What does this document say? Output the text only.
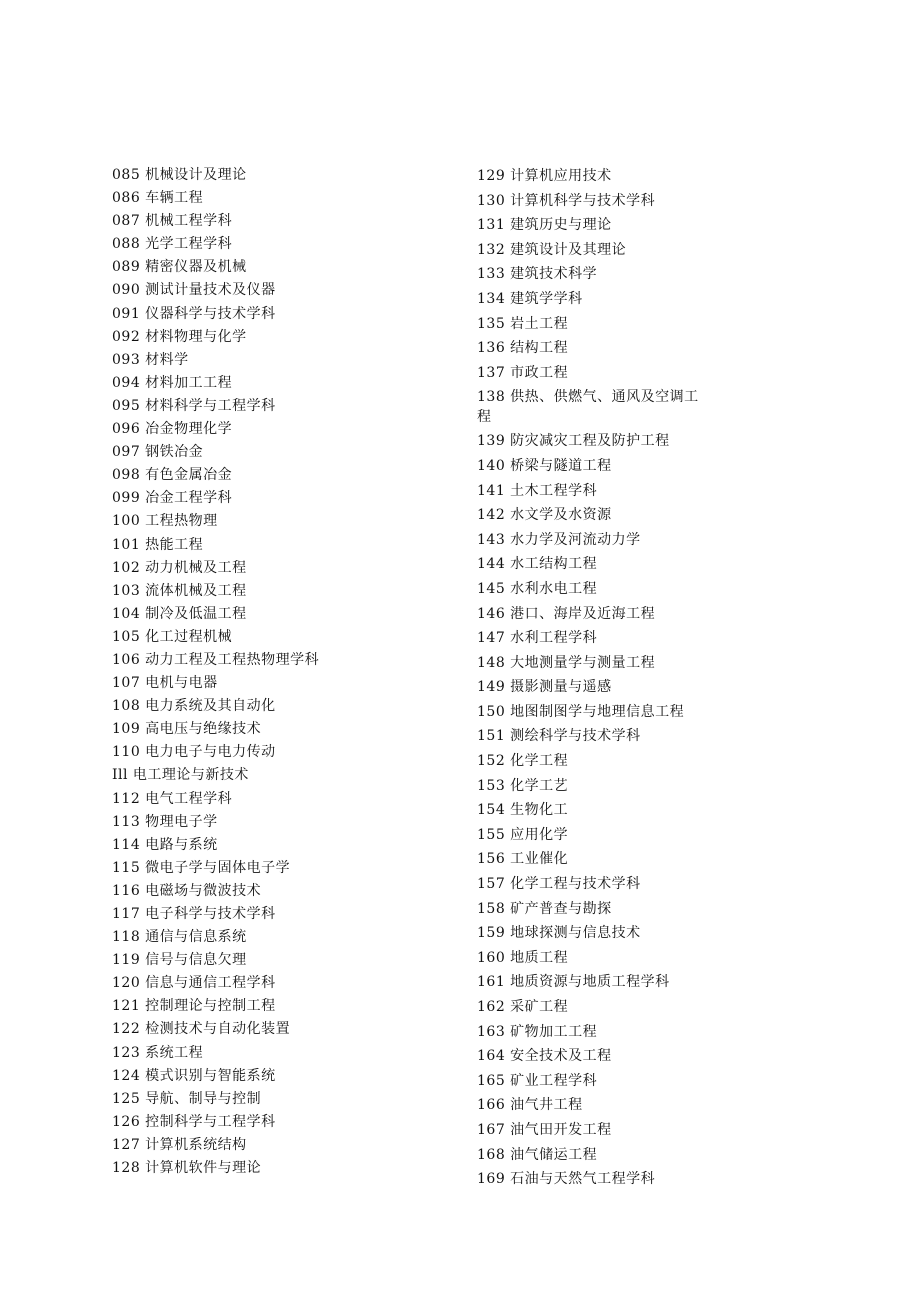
085 机械设计及理论
086 车辆工程
087 机械工程学科
088 光学工程学科
089 精密仪器及机械
090 测试计量技术及仪器
091 仪器科学与技术学科
092 材料物理与化学
093 材料学
094 材料加工工程
095 材料科学与工程学科
096 冶金物理化学
097 钢铁冶金
098 有色金属冶金
099 冶金工程学科
100 工程热物理
101 热能工程
102 动力机械及工程
103 流体机械及工程
104 制冷及低温工程
105 化工过程机械
106 动力工程及工程热物理学科
107 电机与电器
108 电力系统及其自动化
109 高电压与绝缘技术
110 电力电子与电力传动
Ill 电工理论与新技术
112 电气工程学科
113 物理电子学
114 电路与系统
115 微电子学与固体电子学
116 电磁场与微波技术
117 电子科学与技术学科
118 通信与信息系统
119 信号与信息欠理
120 信息与通信工程学科
121 控制理论与控制工程
122 检测技术与自动化装置
123 系统工程
124 模式识别与智能系统
125 导航、制导与控制
126 控制科学与工程学科
127 计算机系统结构
128 计算机软件与理论
129 计算机应用技术
130 计算机科学与技术学科
131 建筑历史与理论
132 建筑设计及其理论
133 建筑技术科学
134 建筑学学科
135 岩土工程
136 结构工程
137 市政工程
138 供热、供燃气、通风及空调工程
139 防灾减灾工程及防护工程
140 桥梁与隧道工程
141 土木工程学科
142 水文学及水资源
143 水力学及河流动力学
144 水工结构工程
145 水利水电工程
146 港口、海岸及近海工程
147 水利工程学科
148 大地测量学与测量工程
149 摄影测量与遥感
150 地图制图学与地理信息工程
151 测绘科学与技术学科
152 化学工程
153 化学工艺
154 生物化工
155 应用化学
156 工业催化
157 化学工程与技术学科
158 矿产普查与勘探
159 地球探测与信息技术
160 地质工程
161 地质资源与地质工程学科
162 采矿工程
163 矿物加工工程
164 安全技术及工程
165 矿业工程学科
166 油气井工程
167 油气田开发工程
168 油气储运工程
169 石油与天然气工程学科
